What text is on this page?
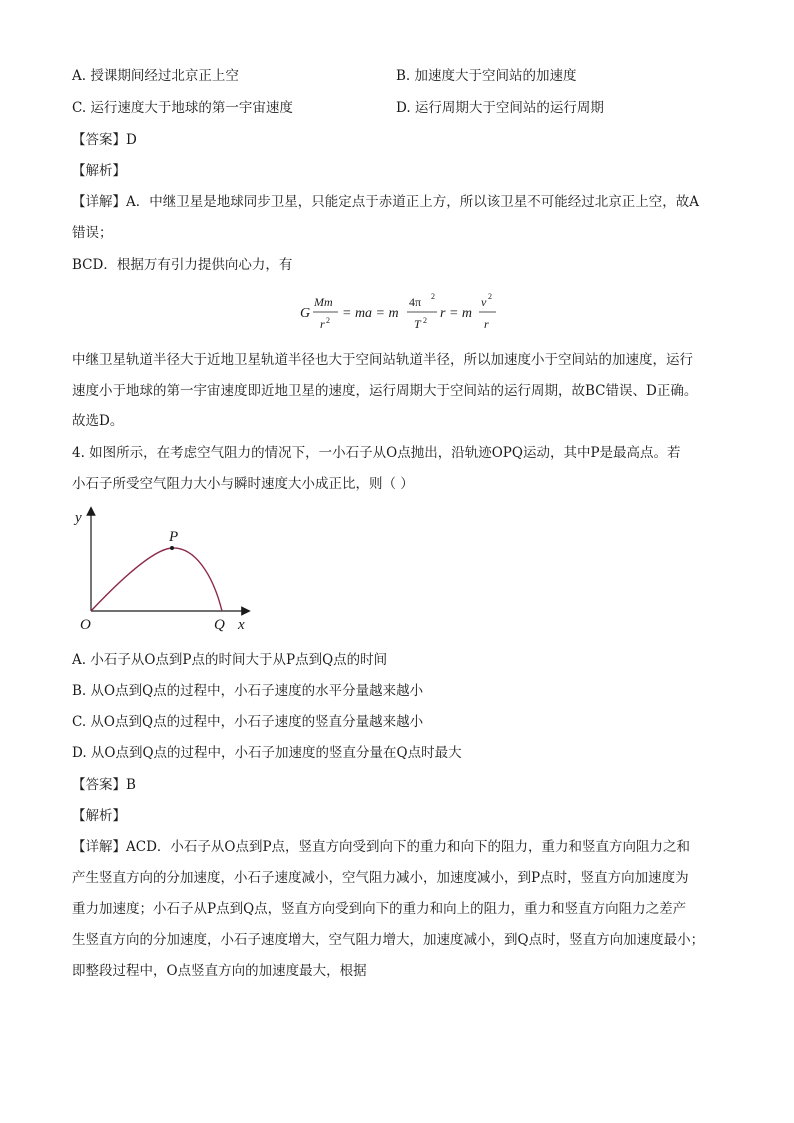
A. 授课期间经过北京正上空	B. 加速度大于空间站的加速度
C. 运行速度大于地球的第一宇宙速度	D. 运行周期大于空间站的运行周期
【答案】D
【解析】
【详解】A．中继卫星是地球同步卫星，只能定点于赤道正上方，所以该卫星不可能经过北京正上空，故A
错误；
BCD．根据万有引力提供向心力，有
G
Mm
r 2 = ma = m
4π 2
T 2 r = m
v 2
r
中继卫星轨道半径大于近地卫星轨道半径也大于空间站轨道半径，所以加速度小于空间站的加速度，运行
速度小于地球的第一宇宙速度即近地卫星的速度，运行周期大于空间站的运行周期，故BC错误、D正确。
故选D。
4. 如图所示，在考虑空气阻力的情况下，一小石子从O点抛出，沿轨迹OPQ运动，其中P是最高点。若
小石子所受空气阻力大小与瞬时速度大小成正比，则（ ）
y
x
O
P
Q
A. 小石子从O点到P点的时间大于从P点到Q点的时间
B. 从O点到Q点的过程中，小石子速度的水平分量越来越小
C. 从O点到Q点的过程中，小石子速度的竖直分量越来越小
D. 从O点到Q点的过程中，小石子加速度的竖直分量在Q点时最大
【答案】B
【解析】
【详解】ACD．小石子从O点到P点，竖直方向受到向下的重力和向下的阻力，重力和竖直方向阻力之和
产生竖直方向的分加速度，小石子速度减小，空气阻力减小，加速度减小，到P点时，竖直方向加速度为
重力加速度；小石子从P点到Q点，竖直方向受到向下的重力和向上的阻力，重力和竖直方向阻力之差产
生竖直方向的分加速度，小石子速度增大，空气阻力增大，加速度减小，到Q点时，竖直方向加速度最小；
即整段过程中，O点竖直方向的加速度最大，根据
